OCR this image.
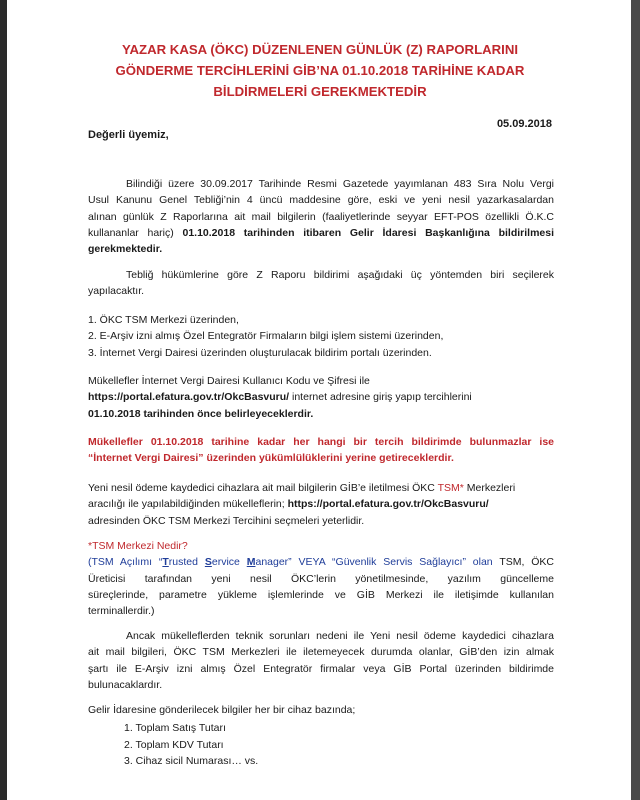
YAZAR KASA (ÖKC) DÜZENLENEN GÜNLÜK (Z) RAPORLARINI
GÖNDERME TERCİHLERİNİ GİB’NA 01.10.2018 TARİHİNE KADAR
BİLDİRMELERİ GEREKMEKTEDİR
05.09.2018
Değerli üyemiz,
Bilindiği üzere 30.09.2017 Tarihinde Resmi Gazetede yayımlanan 483 Sıra Nolu Vergi
Usul Kanunu Genel Tebliği’nin 4 üncü maddesine göre, eski ve yeni nesil yazarkasalardan
alınan günlük Z Raporlarına ait mail bilgilerin (faaliyetlerinde seyyar EFT-POS özellikli Ö.K.C
kullananlar hariç) 01.10.2018 tarihinden itibaren Gelir İdaresi Başkanlığına bildirilmesi
gerekmektedir.
Tebliğ hükümlerine göre Z Raporu bildirimi aşağıdaki üç yöntemden biri seçilerek
yapılacaktır.
1. ÖKC TSM Merkezi üzerinden,
2. E-Arşiv izni almış Özel Entegratör Firmaların bilgi işlem sistemi üzerinden,
3. İnternet Vergi Dairesi üzerinden oluşturulacak bildirim portalı üzerinden.
Mükellefler İnternet Vergi Dairesi Kullanıcı Kodu ve Şifresi ile
https://portal.efatura.gov.tr/OkcBasvuru/ internet adresine giriş yapıp tercihlerini
01.10.2018 tarihinden önce belirleyeceklerdir.
Mükellefler 01.10.2018 tarihine kadar her hangi bir tercih bildirimde bulunmazlar ise
“İnternet Vergi Dairesi” üzerinden yükümlülüklerini yerine getireceklerdir.
Yeni nesil ödeme kaydedici cihazlara ait mail bilgilerin GİB’e iletilmesi ÖKC TSM* Merkezleri
aracılığı ile yapılabildiğinden mükelleflerin; https://portal.efatura.gov.tr/OkcBasvuru/
adresinden ÖKC TSM Merkezi Tercihini seçmeleri yeterlidir.
*TSM Merkezi Nedir?
(TSM Açılımı “Trusted Service Manager” VEYA “Güvenlik Servis Sağlayıcı” olan TSM, ÖKC
Üreticisi tarafından yeni nesil ÖKC’lerin yönetilmesinde, yazılım güncelleme
süreçlerinde, parametre yükleme işlemlerinde ve GİB Merkezi ile iletişimde kullanılan
terminallerdir.)
Ancak mükelleflerden teknik sorunları nedeni ile Yeni nesil ödeme kaydedici cihazlara
ait mail bilgileri, ÖKC TSM Merkezleri ile iletemeyecek durumda olanlar, GİB’den izin almak
şartı ile E-Arşiv izni almış Özel Entegratör firmalar veya GİB Portal üzerinden bildirimde
bulunacaklardır.
Gelir İdaresine gönderilecek bilgiler her bir cihaz bazında;
1. Toplam Satış Tutarı
2. Toplam KDV Tutarı
3. Cihaz sicil Numarası… vs.
